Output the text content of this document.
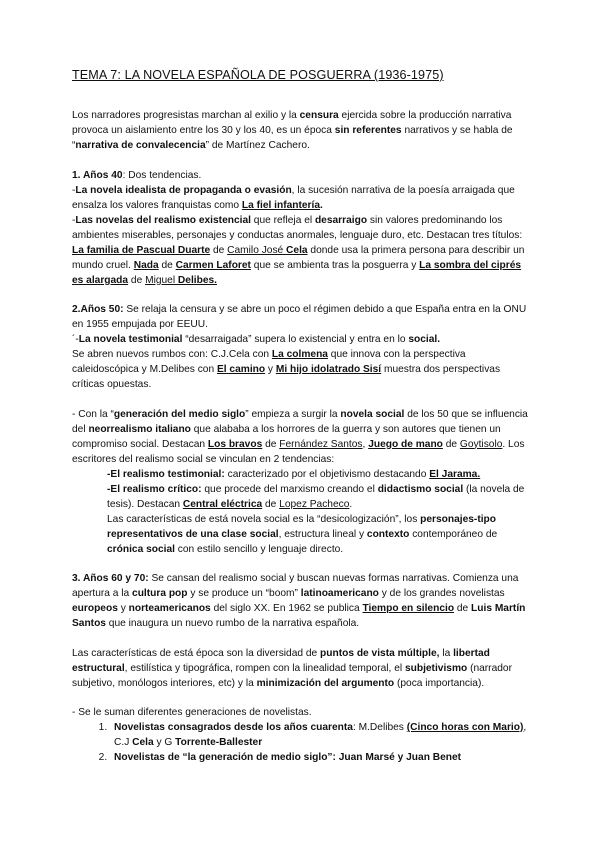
TEMA 7: LA NOVELA ESPAÑOLA DE POSGUERRA (1936-1975)

Los narradores progresistas marchan al exilio y la censura ejercida sobre la producción narrativa provoca un aislamiento entre los 30 y los 40, es un época sin referentes narrativos y se habla de “narrativa de convalecencia” de Martínez Cachero.

1. Años 40: Dos tendencias.

-La novela idealista de propaganda o evasión, la sucesión narrativa de la poesía arraigada que ensalza los valores franquistas como La fiel infantería.

-Las novelas del realismo existencial que refleja el desarraigo sin valores predominando los ambientes miserables, personajes y conductas anormales, lenguaje duro, etc. Destacan tres títulos: La familia de Pascual Duarte de Camilo José Cela donde usa la primera persona para describir un mundo cruel. Nada de Carmen Laforet que se ambienta tras la posguerra y La sombra del ciprés es alargada de Miguel Delibes.

2.Años 50: Se relaja la censura y se abre un poco el régimen debido a que España entra en la ONU en 1955 empujada por EEUU.

´-La novela testimonial “desarraigada” supera lo existencial y entra en lo social.

Se abren nuevos rumbos con: C.J.Cela con La colmena que innova con la perspectiva caleidoscópica y M.Delibes con El camino y Mi hijo idolatrado Sisí muestra dos perspectivas críticas opuestas.

- Con la “generación del medio siglo” empieza a surgir la novela social de los 50 que se influencia del neorrealismo italiano que alababa a los horrores de la guerra y son autores que tienen un compromiso social. Destacan Los bravos de Fernández Santos, Juego de mano de Goytisolo. Los escritores del realismo social se vinculan en 2 tendencias:

-El realismo testimonial: caracterizado por el objetivismo destacando El Jarama.

-El realismo crítico: que procede del marxismo creando el didactismo social (la novela de tesis). Destacan Central eléctrica de Lopez Pacheco.

Las características de está novela social es la “desicologización”, los personajes-tipo representativos de una clase social, estructura lineal y contexto contemporáneo de crónica social con estilo sencillo y lenguaje directo.

3. Años 60 y 70: Se cansan del realismo social y buscan nuevas formas narrativas. Comienza una apertura a la cultura pop y se produce un “boom” latinoamericano y de los grandes novelistas europeos y norteamericanos del siglo XX. En 1962 se publica Tiempo en silencio de Luis Martín Santos que inaugura un nuevo rumbo de la narrativa española.

Las características de está época son la diversidad de puntos de vista múltiple, la libertad estructural, estilística y tipográfica, rompen con la linealidad temporal, el subjetivismo (narrador subjetivo, monólogos interiores, etc) y la minimización del argumento (poca importancia).

- Se le suman diferentes generaciones de novelistas.

1. Novelistas consagrados desde los años cuarenta: M.Delibes (Cinco horas con Mario), C.J Cela y G Torrente-Ballester
2. Novelistas de “la generación de medio siglo”: Juan Marsé y Juan Benet
